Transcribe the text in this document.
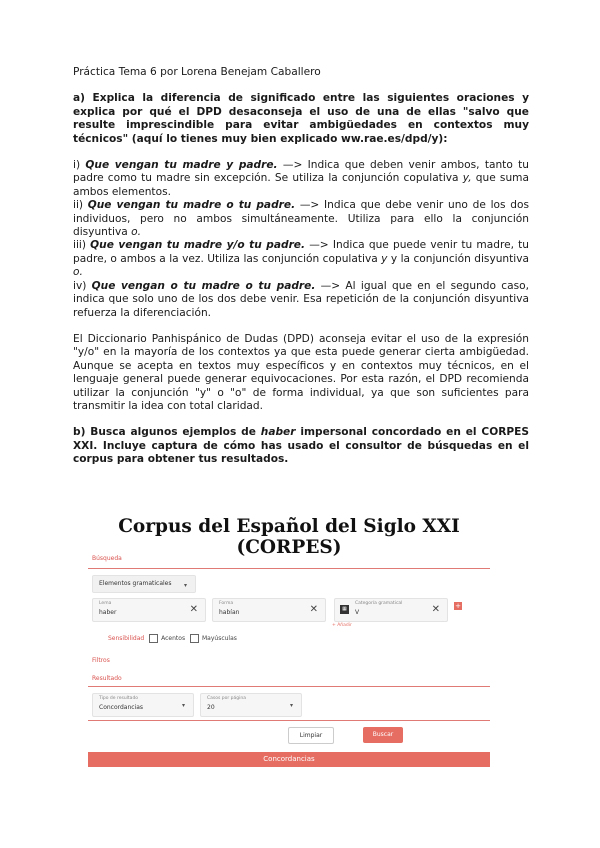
Práctica Tema 6 por Lorena Benejam Caballero

a) Explica la diferencia de significado entre las siguientes oraciones y explica por qué el DPD desaconseja el uso de una de ellas "salvo que resulte imprescindible para evitar ambigüedades en contextos muy técnicos" (aquí lo tienes muy bien explicado ww.rae.es/dpd/y):

i) Que vengan tu madre y padre. —> Indica que deben venir ambos, tanto tu padre como tu madre sin excepción. Se utiliza la conjunción copulativa y, que suma ambos elementos.

ii) Que vengan tu madre o tu padre. —> Indica que debe venir uno de los dos individuos, pero no ambos simultáneamente. Utiliza para ello la conjunción disyuntiva o.

iii) Que vengan tu madre y/o tu padre. —> Indica que puede venir tu madre, tu padre, o ambos a la vez. Utiliza las conjunción copulativa y y la conjunción disyuntiva o.

iv) Que vengan o tu madre o tu padre. —> Al igual que en el segundo caso, indica que solo uno de los dos debe venir. Esa repetición de la conjunción disyuntiva refuerza la diferenciación.

El Diccionario Panhispánico de Dudas (DPD) aconseja evitar el uso de la expresión "y/o" en la mayoría de los contextos ya que esta puede generar cierta ambigüedad. Aunque se acepta en textos muy específicos y en contextos muy técnicos, en el lenguaje general puede generar equivocaciones. Por esta razón, el DPD recomienda utilizar la conjunción "y" o "o" de forma individual, ya que son suficientes para transmitir la idea con total claridad.

b) Busca algunos ejemplos de haber impersonal concordado en el CORPES XXI. Incluye captura de cómo has usado el consultor de búsquedas en el corpus para obtener tus resultados.

Corpus del Español del Siglo XXI (CORPES)
Búsqueda
Elementos gramaticales ▾
Lema
haber	✕
Forma
habían	✕	▦
Categoría gramatical
V	✕ +
+ Añadir
Sensibilidad	Acentos	Mayúsculas
Filtros
Resultado
Tipo de resultado
Concordancias	▾
Casos por página
20	▾
Limpiar	Buscar
Concordancias
